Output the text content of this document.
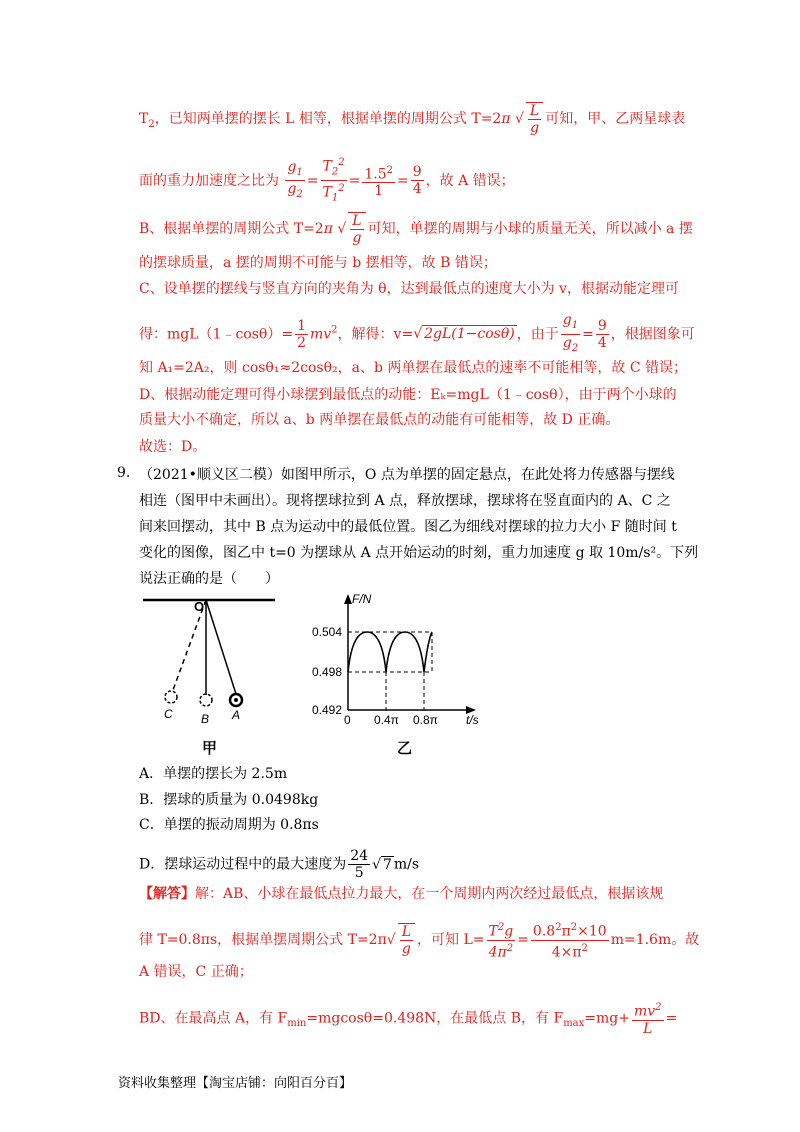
$T_2$，已知两单摆的摆长 L 相等，根据单摆的周期公式 T=2π √ $\frac{L}{g}$ 可知，甲、乙两星球表
面的重力加速度之比为 $\frac{g_1}{g_2} = \frac{T_2^2}{T_1^2} = \frac{1.5^2}{1} = \frac{9}{4}$ ，故 A 错误；
B、根据单摆的周期公式 T=2π √ $\frac{L}{g}$ 可知，单摆的周期与小球的质量无关，所以减小 a 摆
的摆球质量，a 摆的周期不可能与 b 摆相等，故 B 错误；
C、设单摆的摆线与竖直方向的夹角为 θ，达到最低点的速度大小为 v，根据动能定理可
得：mgL（1﹣cosθ）= $\frac{1}{2} mv^2$，解得：v=√ 2gL(1−cosθ) ，由于 $\frac{g_1}{g_2} = \frac{9}{4}$ ，根据图象可
知 A₁=2A₂，则 cosθ₁≈2cosθ₂，a、b 两单摆在最低点的速率不可能相等，故 C 错误；
D、根据动能定理可得小球摆到最低点的动能：Eₖ=mgL（1﹣cosθ），由于两个小球的
质量大小不确定，所以 a、b 两单摆在最低点的动能有可能相等，故 D 正确。
故选：D。
9. （2021•顺义区二模）如图甲所示，O 点为单摆的固定悬点，在此处将力传感器与摆线
相连（图甲中未画出）。现将摆球拉到 A 点，释放摆球，摆球将在竖直面内的 A、C 之
间来回摆动，其中 B 点为运动中的最低位置。图乙为细线对摆球的拉力大小 F 随时间 t
变化的图像，图乙中 t=0 为摆球从 A 点开始运动的时刻，重力加速度 g 取 10m/s²。下列
说法正确的是（　　）
O
C B A
甲
F/N
t/s
0.504
0.498
0.492
0 0.4π 0.8π
乙
A．单摆的摆长为 2.5m
B．摆球的质量为 0.0498kg
C．单摆的振动周期为 0.8πs
D．摆球运动过程中的最大速度为 $\frac{24}{5}$ √ 7 m/s
【解答】解：AB、小球在最低点拉力最大，在一个周期内两次经过最低点，根据该规
律 T=0.8πs，根据单摆周期公式 $T=2\pi√ \frac{L}{g}$ ，可知 $L= \frac{T^2g}{4\pi^2} = \frac{0.8^2\pi^2\times 10}{4\times\pi^2} m=1.6m$。故
A 错误，C 正确；
BD、在最高点 A，有 $F_{min}=mgcos\theta=0.498N$，在最低点 B，有 $F_{max}=mg+ \frac{mv^2}{L}$ =
资料收集整理【淘宝店铺：向阳百分百】
